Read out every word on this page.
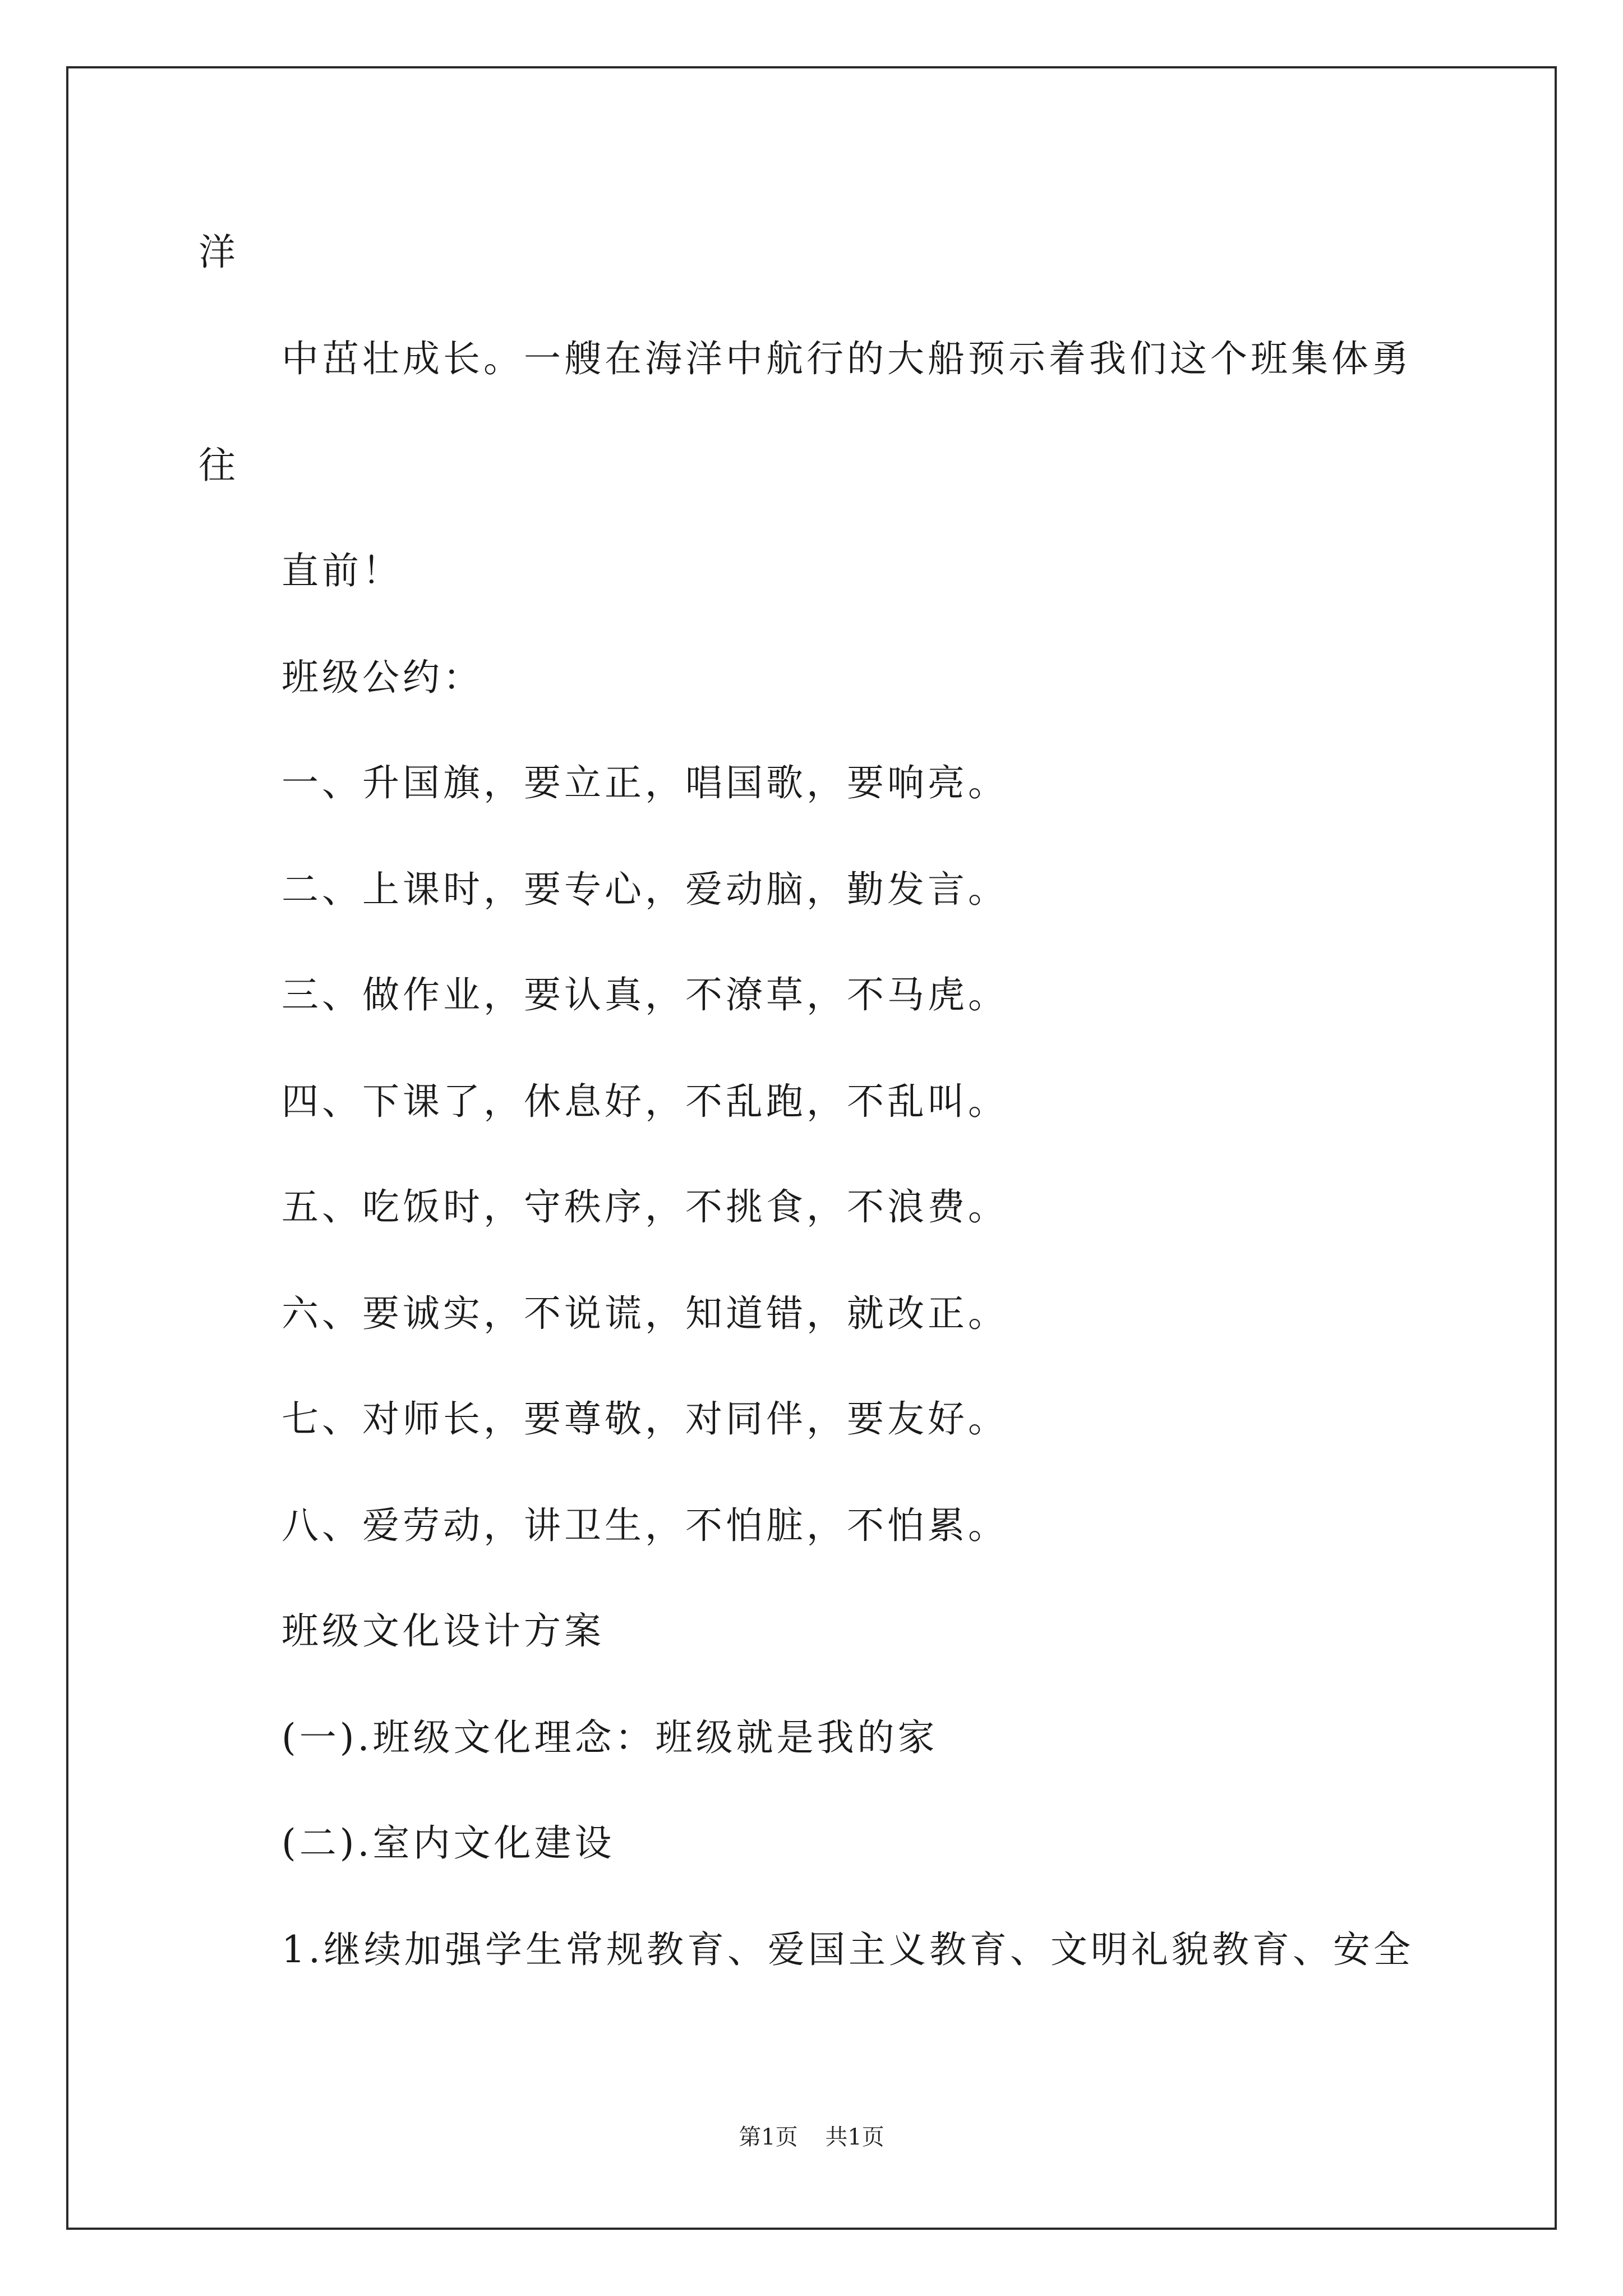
洋
中茁壮成长。一艘在海洋中航行的大船预示着我们这个班集体勇
往
直前！
班级公约：
一、升国旗，要立正，唱国歌，要响亮。
二、上课时，要专心，爱动脑，勤发言。
三、做作业，要认真，不潦草，不马虎。
四、下课了，休息好，不乱跑，不乱叫。
五、吃饭时，守秩序，不挑食，不浪费。
六、要诚实，不说谎，知道错，就改正。
七、对师长，要尊敬，对同伴，要友好。
八、爱劳动，讲卫生，不怕脏，不怕累。
班级文化设计方案
(一).班级文化理念：班级就是我的家
(二).室内文化建设
1.继续加强学生常规教育、爱国主义教育、文明礼貌教育、安全
第1页 共1页
